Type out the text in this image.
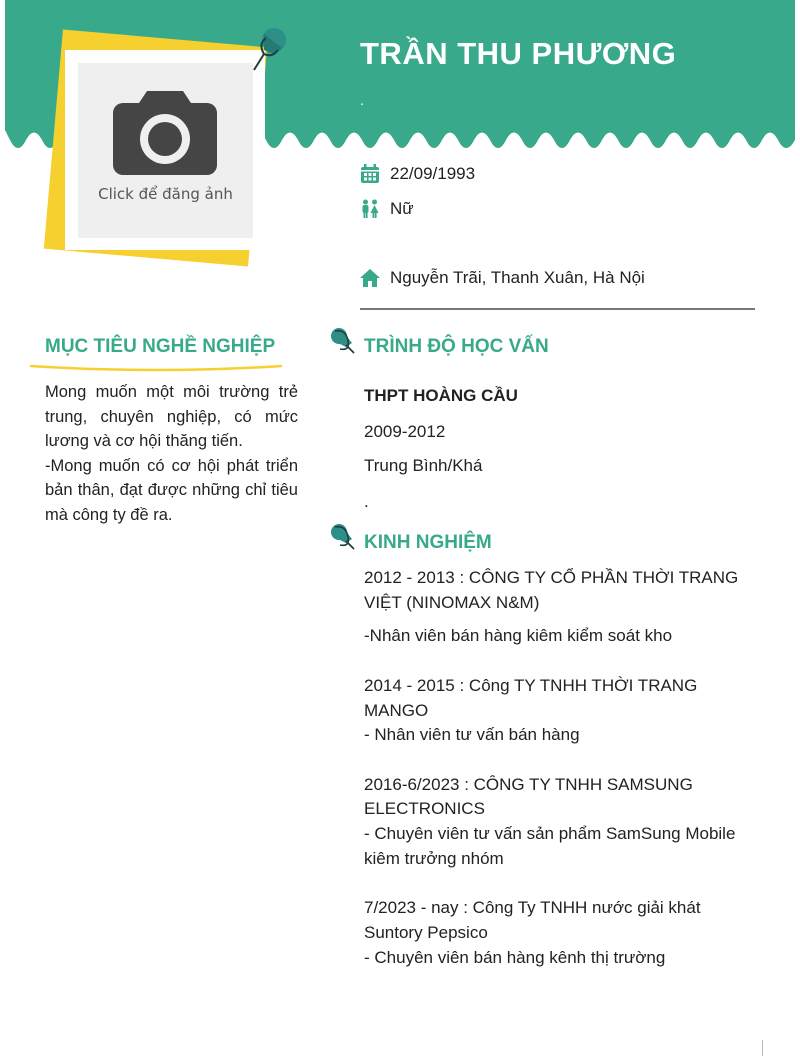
Click để đăng ảnh
TRẦN THU PHƯƠNG
.
22/09/1993
Nữ
Nguyễn Trãi, Thanh Xuân, Hà Nội
MỤC TIÊU NGHỀ NGHIỆP

Mong muốn một môi trường trẻ trung, chuyên nghiệp, có mức lương và cơ hội thăng tiến.

-Mong muốn có cơ hội phát triển bản thân, đạt được những chỉ tiêu mà công ty đề ra.

TRÌNH ĐỘ HỌC VẤN
THPT HOÀNG CẦU
2009-2012
Trung Bình/Khá
.
KINH NGHIỆM

2012 - 2013 : CÔNG TY CỔ PHẦN THỜI TRANG VIỆT (NINOMAX N&M)

-Nhân viên bán hàng kiêm kiểm soát kho

2014 - 2015 : Công TY TNHH THỜI TRANG MANGO

- Nhân viên tư vấn bán hàng

2016-6/2023 : CÔNG TY TNHH SAMSUNG ELECTRONICS

- Chuyên viên tư vấn sản phẩm SamSung Mobile kiêm trưởng nhóm

7/2023 - nay : Công Ty TNHH nước giải khát Suntory Pepsico

- Chuyên viên bán hàng kênh thị trường
